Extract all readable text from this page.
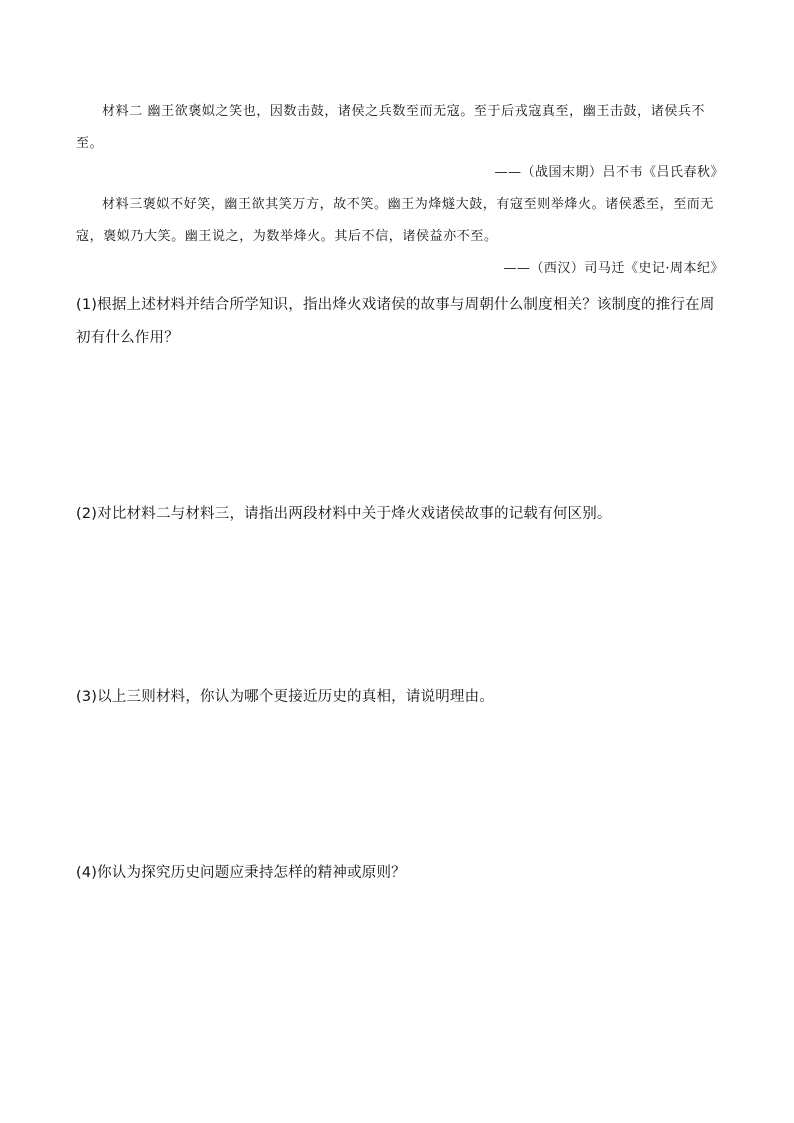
材料二 幽王欲褒姒之笑也，因数击鼓，诸侯之兵数至而无寇。至于后戎寇真至，幽王击鼓，诸侯兵不至。

——（战国末期）吕不韦《吕氏春秋》

材料三褒姒不好笑，幽王欲其笑万方，故不笑。幽王为烽燧大鼓，有寇至则举烽火。诸侯悉至，至而无寇，褒姒乃大笑。幽王说之，为数举烽火。其后不信，诸侯益亦不至。

——（西汉）司马迁《史记·周本纪》

(1)根据上述材料并结合所学知识，指出烽火戏诸侯的故事与周朝什么制度相关？该制度的推行在周初有什么作用？

(2)对比材料二与材料三，请指出两段材料中关于烽火戏诸侯故事的记载有何区别。

(3)以上三则材料，你认为哪个更接近历史的真相，请说明理由。

(4)你认为探究历史问题应秉持怎样的精神或原则？
